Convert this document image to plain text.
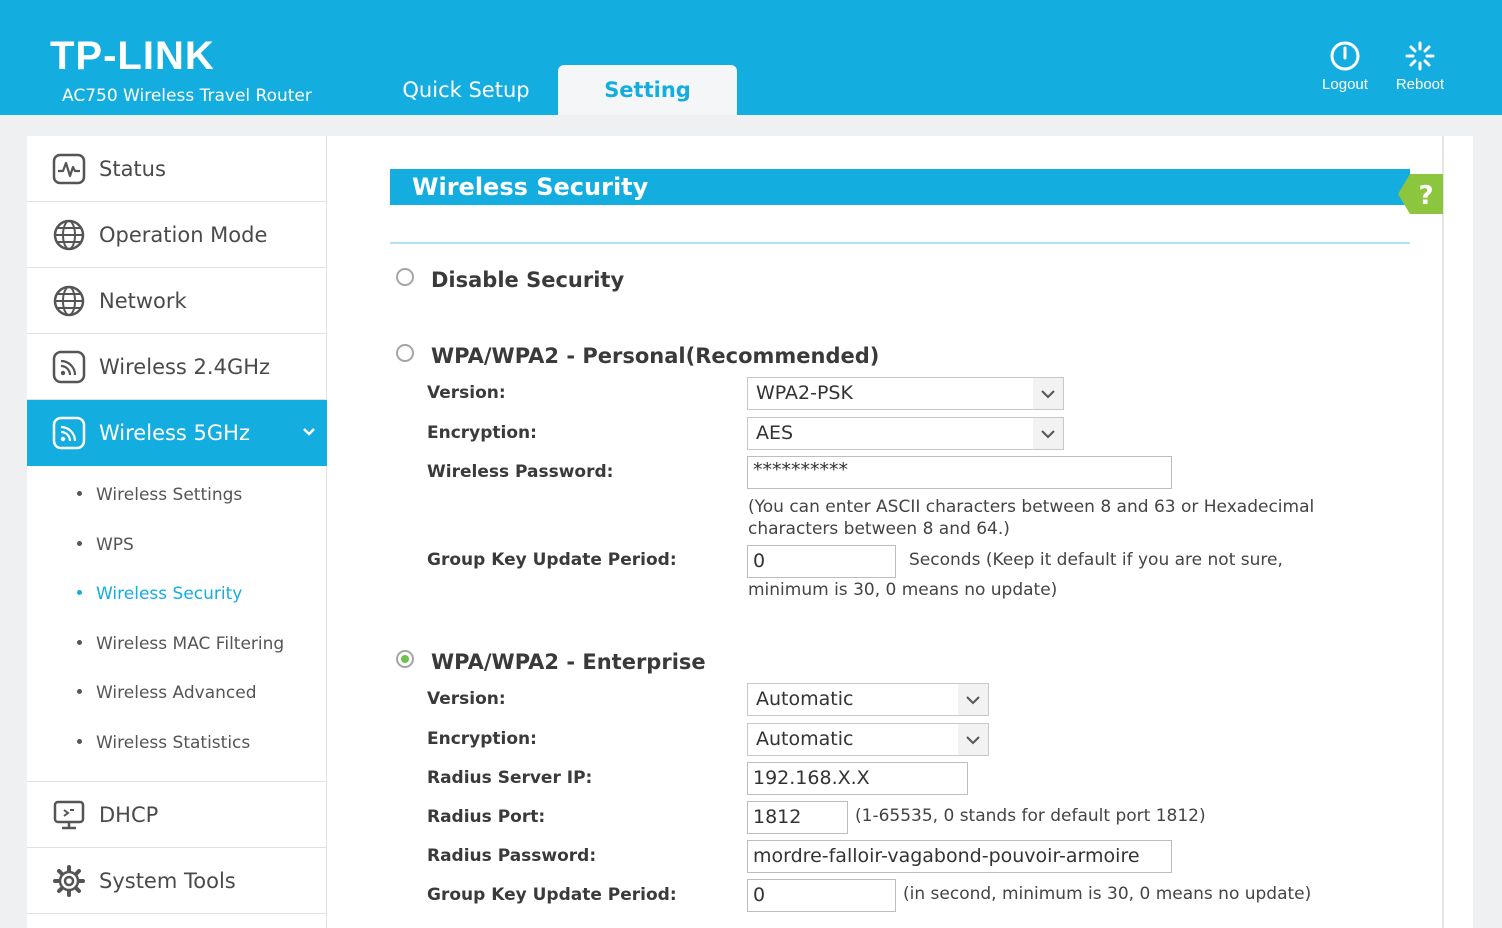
TP-LINK
AC750 Wireless Travel Router	Quick Setup	Setting	Logout	Reboot
Status
Operation Mode
Network
Wireless 2.4GHz
Wireless 5GHz
Wireless Settings
WPS
Wireless Security
Wireless MAC Filtering
Wireless Advanced
Wireless Statistics
DHCP
System Tools
Wireless Security	?
Disable Security
WPA/WPA2 - Personal(Recommended)
Version:	WPA2-PSK
Encryption:	AES
Wireless Password:	**********
(You can enter ASCII characters between 8 and 63 or Hexadecimal characters between 8 and 64.)
Group Key Update Period:	0	Seconds (Keep it default if you are not sure,
minimum is 30, 0 means no update)
WPA/WPA2 - Enterprise
Version:	Automatic
Encryption:	Automatic
Radius Server IP:	192.168.X.X
Radius Port:	1812	(1-65535, 0 stands for default port 1812)
Radius Password:	mordre-falloir-vagabond-pouvoir-armoire
Group Key Update Period:	0	(in second, minimum is 30, 0 means no update)
